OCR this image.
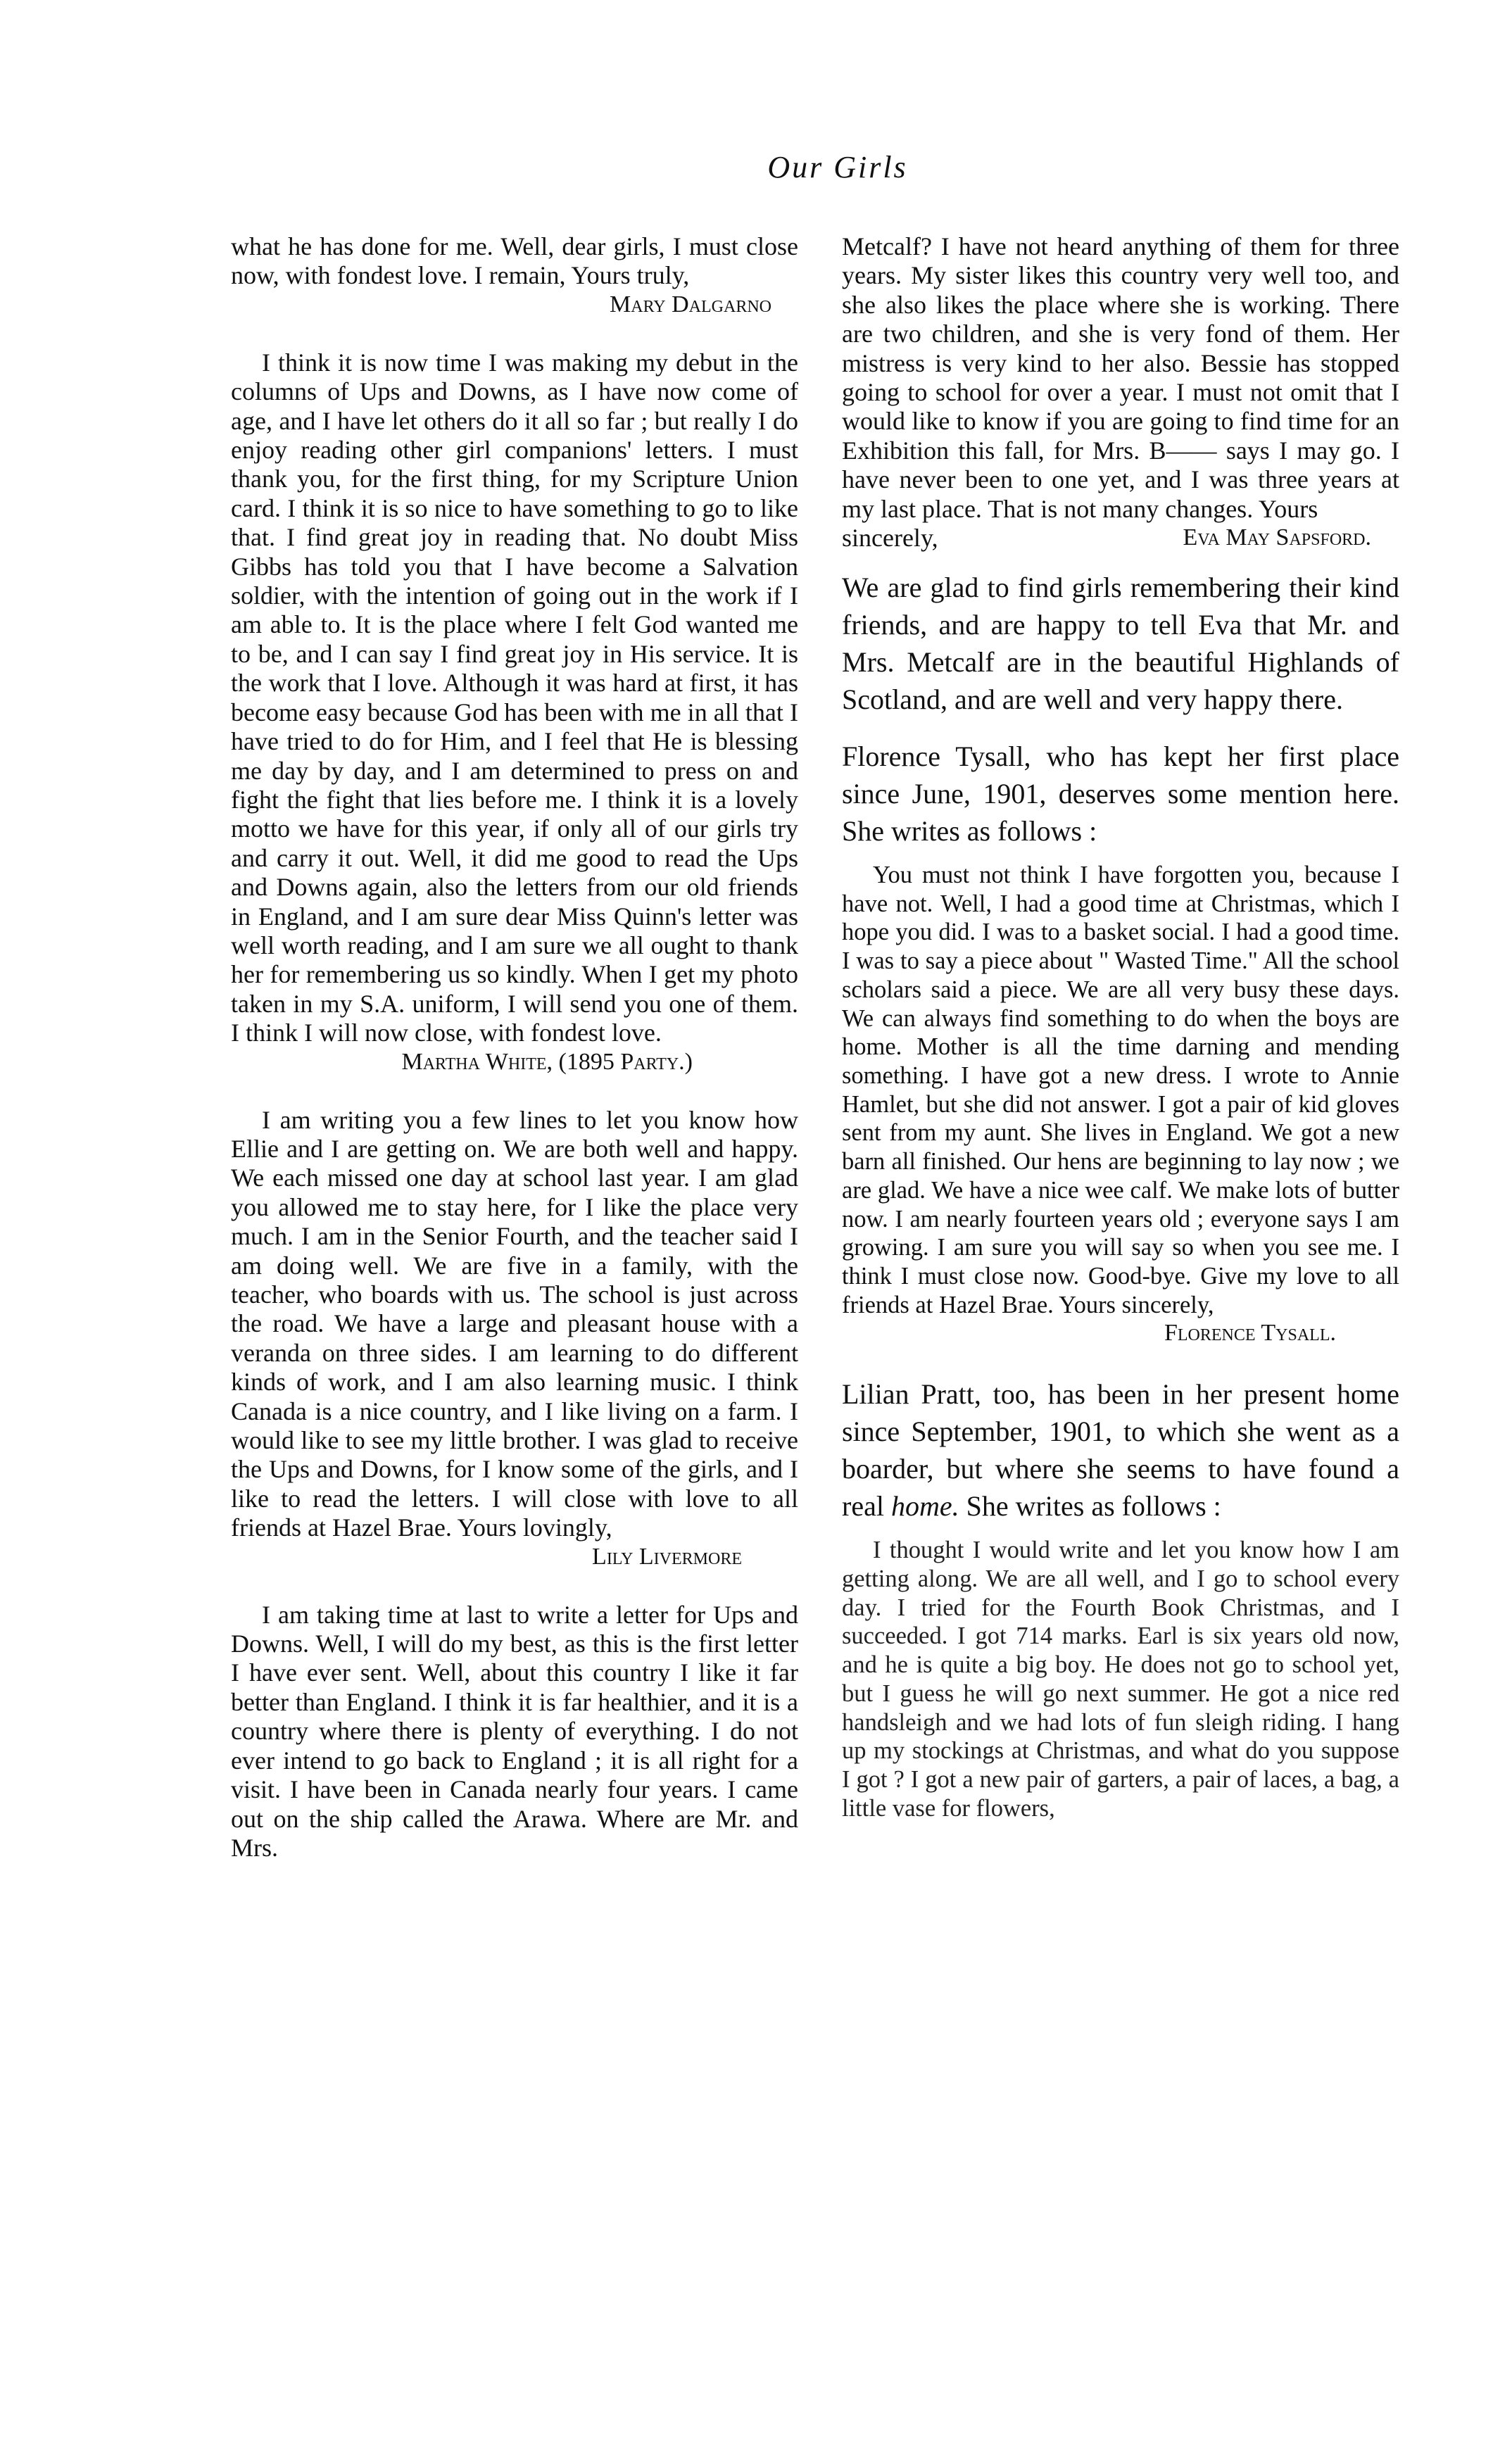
Our Girls

what he has done for me. Well, dear girls, I must close now, with fondest love. I remain, Yours truly,

Mary Dalgarno

I think it is now time I was making my debut in the columns of Ups and Downs, as I have now come of age, and I have let others do it all so far ; but really I do enjoy reading other girl companions' letters. I must thank you, for the first thing, for my Scripture Union card. I think it is so nice to have something to go to like that. I find great joy in reading that. No doubt Miss Gibbs has told you that I have become a Salvation soldier, with the intention of going out in the work if I am able to. It is the place where I felt God wanted me to be, and I can say I find great joy in His service. It is the work that I love. Although it was hard at first, it has become easy because God has been with me in all that I have tried to do for Him, and I feel that He is blessing me day by day, and I am determined to press on and fight the fight that lies before me. I think it is a lovely motto we have for this year, if only all of our girls try and carry it out. Well, it did me good to read the Ups and Downs again, also the letters from our old friends in England, and I am sure dear Miss Quinn's letter was well worth reading, and I am sure we all ought to thank her for remembering us so kindly. When I get my photo taken in my S.A. uniform, I will send you one of them. I think I will now close, with fondest love.

Martha White, (1895 Party.)

I am writing you a few lines to let you know how Ellie and I are getting on. We are both well and happy. We each missed one day at school last year. I am glad you allowed me to stay here, for I like the place very much. I am in the Senior Fourth, and the teacher said I am doing well. We are five in a family, with the teacher, who boards with us. The school is just across the road. We have a large and pleasant house with a veranda on three sides. I am learning to do different kinds of work, and I am also learning music. I think Canada is a nice country, and I like living on a farm. I would like to see my little brother. I was glad to receive the Ups and Downs, for I know some of the girls, and I like to read the letters. I will close with love to all friends at Hazel Brae. Yours lovingly,

Lily Livermore

I am taking time at last to write a letter for Ups and Downs. Well, I will do my best, as this is the first letter I have ever sent. Well, about this country I like it far better than England. I think it is far healthier, and it is a country where there is plenty of everything. I do not ever intend to go back to England ; it is all right for a visit. I have been in Canada nearly four years. I came out on the ship called the Arawa. Where are Mr. and Mrs.

Metcalf? I have not heard anything of them for three years. My sister likes this country very well too, and she also likes the place where she is working. There are two children, and she is very fond of them. Her mistress is very kind to her also. Bessie has stopped going to school for over a year. I must not omit that I would like to know if you are going to find time for an Exhibition this fall, for Mrs. B—— says I may go. I have never been to one yet, and I was three years at my last place. That is not many changes. Yours

sincerely,	Eva May Sapsford.

We are glad to find girls remembering their kind friends, and are happy to tell Eva that Mr. and Mrs. Metcalf are in the beautiful Highlands of Scotland, and are well and very happy there.

Florence Tysall, who has kept her first place since June, 1901, deserves some mention here. She writes as follows :

You must not think I have forgotten you, because I have not. Well, I had a good time at Christmas, which I hope you did. I was to a basket social. I had a good time. I was to say a piece about " Wasted Time." All the school scholars said a piece. We are all very busy these days. We can always find something to do when the boys are home. Mother is all the time darning and mending something. I have got a new dress. I wrote to Annie Hamlet, but she did not answer. I got a pair of kid gloves sent from my aunt. She lives in England. We got a new barn all finished. Our hens are beginning to lay now ; we are glad. We have a nice wee calf. We make lots of butter now. I am nearly fourteen years old ; everyone says I am growing. I am sure you will say so when you see me. I think I must close now. Good-bye. Give my love to all friends at Hazel Brae. Yours sincerely,

Florence Tysall.

Lilian Pratt, too, has been in her present home since September, 1901, to which she went as a boarder, but where she seems to have found a real home. She writes as follows :

I thought I would write and let you know how I am getting along. We are all well, and I go to school every day. I tried for the Fourth Book Christmas, and I succeeded. I got 714 marks. Earl is six years old now, and he is quite a big boy. He does not go to school yet, but I guess he will go next summer. He got a nice red handsleigh and we had lots of fun sleigh riding. I hang up my stockings at Christmas, and what do you suppose I got ? I got a new pair of garters, a pair of laces, a bag, a little vase for flowers,
